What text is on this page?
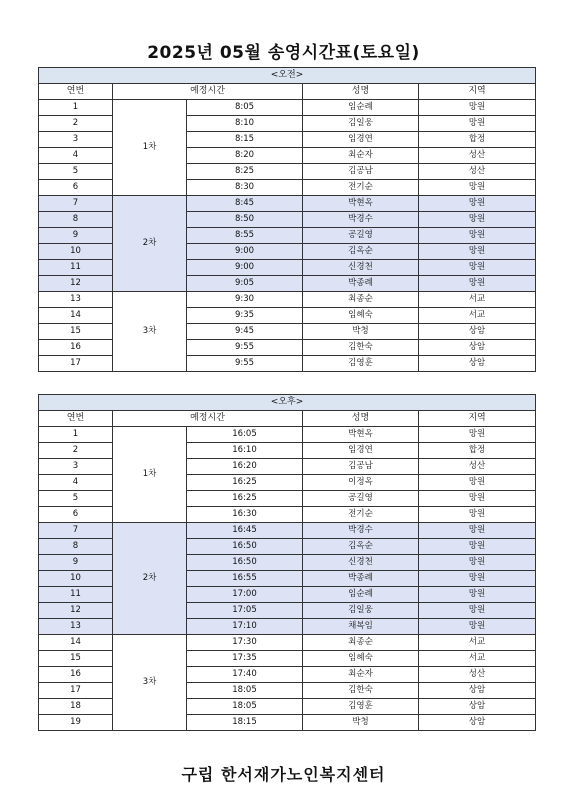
2025년 05월 송영시간표(토요일)
<오전>				
연번	예정시간		성명	지역
1	1차	8:05	임순례	망원
2		8:10	김일웅	망원
3		8:15	임경연	합정
4		8:20	최순자	성산
5		8:25	김공남	성산
6		8:30	전기순	망원
7	2차	8:45	박현옥	망원
8		8:50	박경수	망원
9		8:55	공길영	망원
10		9:00	김옥순	망원
11		9:00	신경천	망원
12		9:05	박종례	망원
13	3차	9:30	최종순	서교
14		9:35	임혜숙	서교
15		9:45	박청	상암
16		9:55	김한숙	상암
17		9:55	김영훈	상암
<오후>				
연번	예정시간		성명	지역
1	1차	16:05	박현옥	망원
2		16:10	임경연	합정
3		16:20	김공남	성산
4		16:25	이정옥	망원
5		16:25	공길영	망원
6		16:30	전기순	망원
7	2차	16:45	박경수	망원
8		16:50	김옥순	망원
9		16:50	신경천	망원
10		16:55	박종례	망원
11		17:00	임순례	망원
12		17:05	김일웅	망원
13		17:10	채복임	망원
14	3차	17:30	최종순	서교
15		17:35	임혜숙	서교
16		17:40	최순자	성산
17		18:05	김한숙	상암
18		18:05	김영훈	상암
19		18:15	박청	상암
구립 한서재가노인복지센터
